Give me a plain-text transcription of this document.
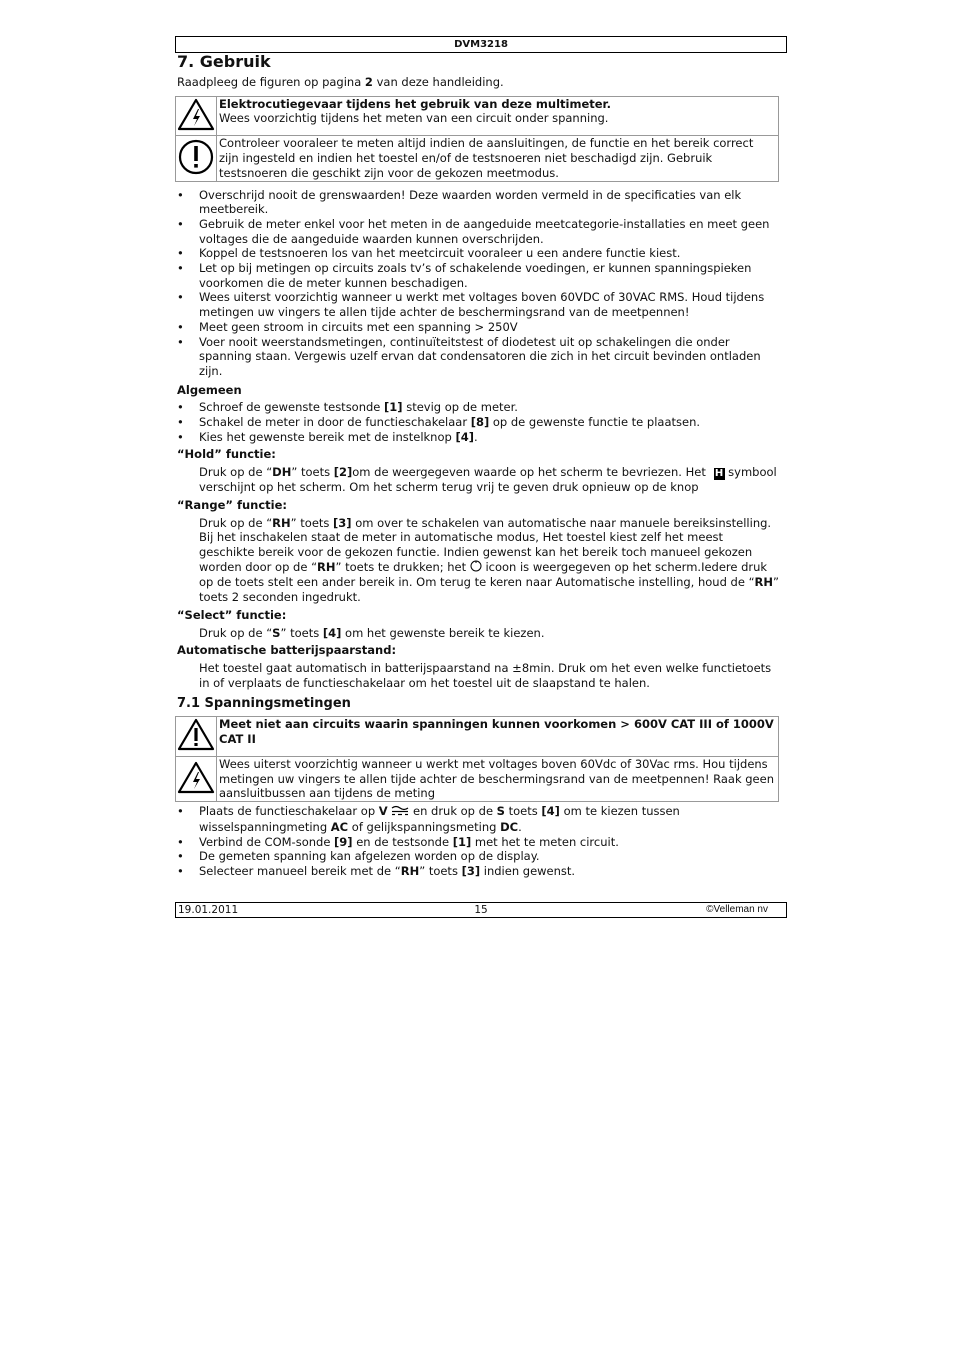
DVM3218
7. Gebruik

Raadpleeg de figuren op pagina 2 van deze handleiding.

	Elektrocutiegevaar tijdens het gebruik van deze multimeter.
Wees voorzichtig tijdens het meten van een circuit onder spanning.
	Controleer vooraleer te meten altijd indien de aansluitingen, de functie en het bereik correct zijn ingesteld en indien het toestel en/of de testsnoeren niet beschadigd zijn. Gebruik testsnoeren die geschikt zijn voor de gekozen meetmodus.
• Overschrijd nooit de grenswaarden! Deze waarden worden vermeld in de specificaties van elk meetbereik.
• Gebruik de meter enkel voor het meten in de aangeduide meetcategorie-installaties en meet geen voltages die de aangeduide waarden kunnen overschrijden.
• Koppel de testsnoeren los van het meetcircuit vooraleer u een andere functie kiest.
• Let op bij metingen op circuits zoals tv’s of schakelende voedingen, er kunnen spanningspieken voorkomen die de meter kunnen beschadigen.
• Wees uiterst voorzichtig wanneer u werkt met voltages boven 60VDC of 30VAC RMS. Houd tijdens metingen uw vingers te allen tijde achter de beschermingsrand van de meetpennen!
• Meet geen stroom in circuits met een spanning > 250V
• Voer nooit weerstandsmetingen, continuïteitstest of diodetest uit op schakelingen die onder spanning staan. Vergewis uzelf ervan dat condensatoren die zich in het circuit bevinden ontladen zijn.
Algemeen
• Schroef de gewenste testsonde [1] stevig op de meter.
• Schakel de meter in door de functieschakelaar [8] op de gewenste functie te plaatsen.
• Kies het gewenste bereik met de instelknop [4].
“Hold” functie:

Druk op de “DH” toets [2]om de weergegeven waarde op het scherm te bevriezen. Het H symbool verschijnt op het scherm. Om het scherm terug vrij te geven druk opnieuw op de knop

“Range” functie:

Druk op de “RH” toets [3] om over te schakelen van automatische naar manuele bereiksinstelling.

Bij het inschakelen staat de meter in automatische modus, Het toestel kiest zelf het meest geschikte bereik voor de gekozen functie. Indien gewenst kan het bereik toch manueel gekozen worden door op de “RH” toets te drukken; het  icoon is weergegeven op het scherm.Iedere druk op de toets stelt een ander bereik in. Om terug te keren naar Automatische instelling, houd de “RH” toets 2 seconden ingedrukt.

“Select” functie:

Druk op de “S” toets [4] om het gewenste bereik te kiezen.

Automatische batterijspaarstand:

Het toestel gaat automatisch in batterijspaarstand na ±8min. Druk om het even welke functietoets in of verplaats de functieschakelaar om het toestel uit de slaapstand te halen.

7.1 Spanningsmetingen
	Meet niet aan circuits waarin spanningen kunnen voorkomen > 600V CAT III of 1000V CAT II
	Wees uiterst voorzichtig wanneer u werkt met voltages boven 60Vdc of 30Vac rms. Hou tijdens metingen uw vingers te allen tijde achter de beschermingsrand van de meetpennen! Raak geen aansluitbussen aan tijdens de meting
• Plaats de functieschakelaar op V  en druk op de S toets [4] om te kiezen tussen wisselspanningmeting AC of gelijkspanningsmeting DC.
• Verbind de COM-sonde [9] en de testsonde [1] met het te meten circuit.
• De gemeten spanning kan afgelezen worden op de display.
• Selecteer manueel bereik met de “RH” toets [3] indien gewenst.
19.01.2011	15	©Velleman nv
